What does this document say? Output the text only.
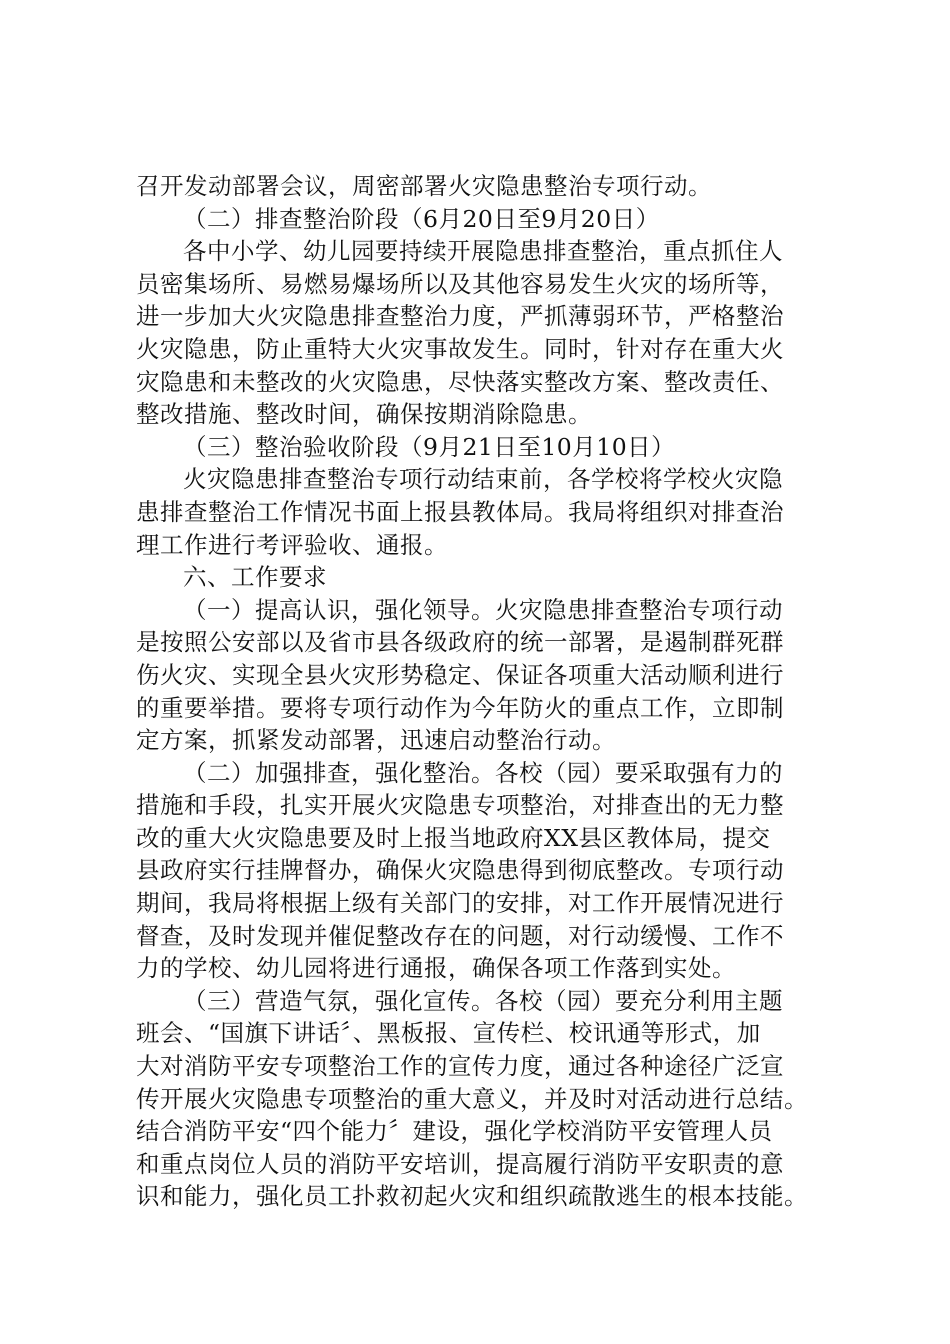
召开发动部署会议，周密部署火灾隐患整治专项行动。
（二）排查整治阶段（6月20日至9月20日）
各中小学、幼儿园要持续开展隐患排查整治，重点抓住人
员密集场所、易燃易爆场所以及其他容易发生火灾的场所等，
进一步加大火灾隐患排查整治力度，严抓薄弱环节，严格整治
火灾隐患，防止重特大火灾事故发生。同时，针对存在重大火
灾隐患和未整改的火灾隐患，尽快落实整改方案、整改责任、
整改措施、整改时间，确保按期消除隐患。
（三）整治验收阶段（9月21日至10月10日）
火灾隐患排查整治专项行动结束前，各学校将学校火灾隐
患排查整治工作情况书面上报县教体局。我局将组织对排查治
理工作进行考评验收、通报。
六、工作要求
（一）提高认识，强化领导。火灾隐患排查整治专项行动
是按照公安部以及省市县各级政府的统一部署，是遏制群死群
伤火灾、实现全县火灾形势稳定、保证各项重大活动顺利进行
的重要举措。要将专项行动作为今年防火的重点工作，立即制
定方案，抓紧发动部署，迅速启动整治行动。
（二）加强排查，强化整治。各校（园）要采取强有力的
措施和手段，扎实开展火灾隐患专项整治，对排查出的无力整
改的重大火灾隐患要及时上报当地政府XX县区教体局，提交
县政府实行挂牌督办，确保火灾隐患得到彻底整改。专项行动
期间，我局将根据上级有关部门的安排，对工作开展情况进行
督查，及时发现并催促整改存在的问题，对行动缓慢、工作不
力的学校、幼儿园将进行通报，确保各项工作落到实处。
（三）营造气氛，强化宣传。各校（园）要充分利用主题
班会、“国旗下讲话〞、黑板报、宣传栏、校讯通等形式，加
大对消防平安专项整治工作的宣传力度，通过各种途径广泛宣
传开展火灾隐患专项整治的重大意义，并及时对活动进行总结。
结合消防平安“四个能力〞建设，强化学校消防平安管理人员
和重点岗位人员的消防平安培训，提高履行消防平安职责的意
识和能力，强化员工扑救初起火灾和组织疏散逃生的根本技能。
